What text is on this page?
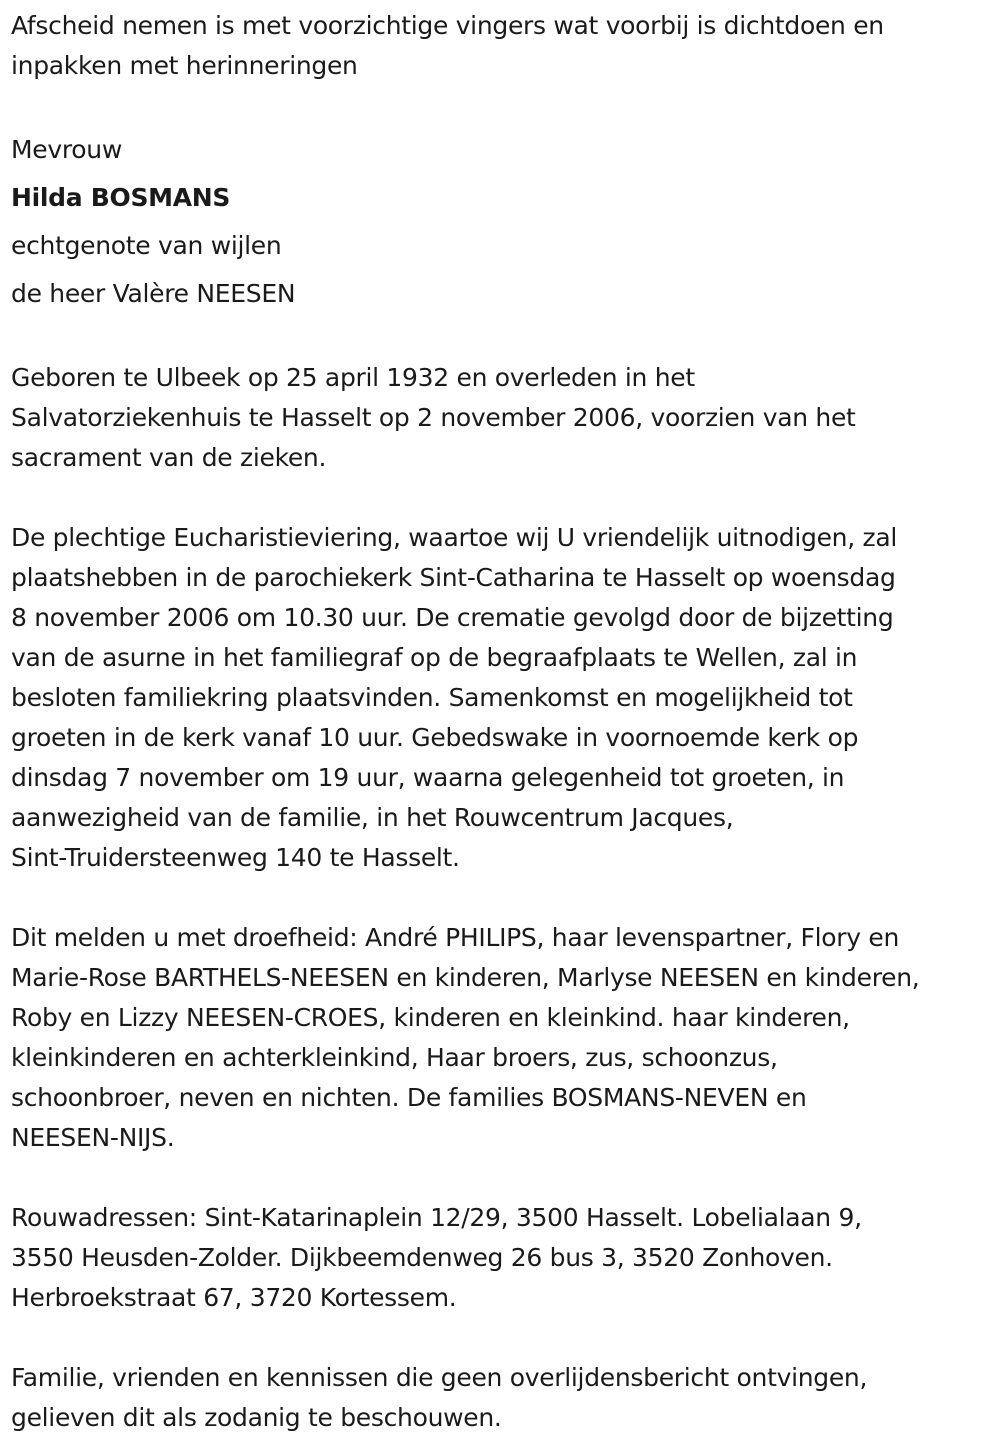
Afscheid nemen is met voorzichtige vingers wat voorbij is dichtdoen en
inpakken met herinneringen

Mevrouw

Hilda BOSMANS

echtgenote van wijlen

de heer Valère NEESEN

Geboren te Ulbeek op 25 april 1932 en overleden in het
Salvatorziekenhuis te Hasselt op 2 november 2006, voorzien van het
sacrament van de zieken.

De plechtige Eucharistieviering, waartoe wij U vriendelijk uitnodigen, zal
plaatshebben in de parochiekerk Sint-Catharina te Hasselt op woensdag
8 november 2006 om 10.30 uur. De crematie gevolgd door de bijzetting
van de asurne in het familiegraf op de begraafplaats te Wellen, zal in
besloten familiekring plaatsvinden. Samenkomst en mogelijkheid tot
groeten in de kerk vanaf 10 uur. Gebedswake in voornoemde kerk op
dinsdag 7 november om 19 uur, waarna gelegenheid tot groeten, in
aanwezigheid van de familie, in het Rouwcentrum Jacques,
Sint-Truidersteenweg 140 te Hasselt.

Dit melden u met droefheid: André PHILIPS, haar levenspartner, Flory en
Marie-Rose BARTHELS-NEESEN en kinderen, Marlyse NEESEN en kinderen,
Roby en Lizzy NEESEN-CROES, kinderen en kleinkind. haar kinderen,
kleinkinderen en achterkleinkind, Haar broers, zus, schoonzus,
schoonbroer, neven en nichten. De families BOSMANS-NEVEN en
NEESEN-NIJS.

Rouwadressen: Sint-Katarinaplein 12/29, 3500 Hasselt. Lobelialaan 9,
3550 Heusden-Zolder. Dijkbeemdenweg 26 bus 3, 3520 Zonhoven.
Herbroekstraat 67, 3720 Kortessem.

Familie, vrienden en kennissen die geen overlijdensbericht ontvingen,
gelieven dit als zodanig te beschouwen.
